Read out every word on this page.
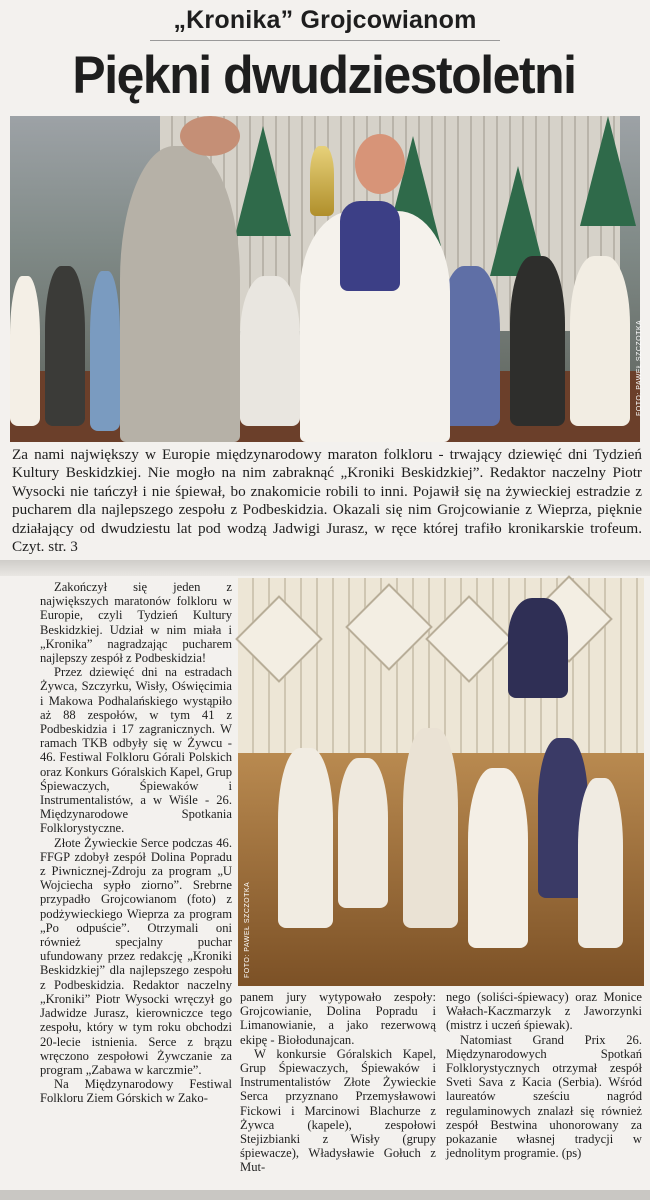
„Kronika” Grojcowianom
Piękni dwudziestoletni
FOTO: PAWEŁ SZCZOTKA
Za nami największy w Europie międzynarodowy maraton folkloru - trwający dziewięć dni Tydzień Kultury Beskidzkiej. Nie mogło na nim zabraknąć „Kroniki Beskidzkiej”. Redaktor naczelny Piotr Wysocki nie tańczył i nie śpiewał, bo znakomicie robili to inni. Pojawił się na żywieckiej estradzie z pucharem dla najlepszego zespołu z Podbeskidzia. Okazali się nim Grojcowianie z Wieprza, pięknie działający od dwudziestu lat pod wodzą Jadwigi Jurasz, w ręce której trafiło kronikarskie trofeum. Czyt. str. 3

Zakończył się jeden z największych maratonów folkloru w Europie, czyli Tydzień Kultury Beskidzkiej. Udział w nim miała i „Kronika” nagradzając pucharem najlepszy zespół z Podbeskidzia!

Przez dziewięć dni na estradach Żywca, Szczyrku, Wisły, Oświęcimia i Makowa Podhalańskiego wystąpiło aż 88 zespołów, w tym 41 z Podbeskidzia i 17 zagranicznych. W ramach TKB odbyły się w Żywcu - 46. Festiwal Folkloru Górali Polskich oraz Konkurs Góralskich Kapel, Grup Śpiewaczych, Śpiewaków i Instrumentalistów, a w Wiśle - 26. Międzynarodowe Spotkania Folklorystyczne.

Złote Żywieckie Serce podczas 46. FFGP zdobył zespół Dolina Popradu z Piwnicznej-Zdroju za program „U Wojciecha sypło ziorno”. Srebrne przypadło Grojcowianom (foto) z podżywieckiego Wieprza za program „Po odpuście”. Otrzymali oni również specjalny puchar ufundowany przez redakcję „Kroniki Beskidzkiej” dla najlepszego zespołu z Podbeskidzia. Redaktor naczelny „Kroniki” Piotr Wysocki wręczył go Jadwidze Jurasz, kierowniczce tego zespołu, który w tym roku obchodzi 20-lecie istnienia. Serce z brązu wręczono zespołowi Żywczanie za program „Zabawa w karczmie”.

Na Międzynarodowy Festiwal Folkloru Ziem Górskich w Zako-

FOTO: PAWEŁ SZCZOTKA

panem jury wytypowało zespoły: Grojcowianie, Dolina Popradu i Limanowianie, a jako rezerwową ekipę - Biołodunajcan.

W konkursie Góralskich Kapel, Grup Śpiewaczych, Śpiewaków i Instrumentalistów Złote Żywieckie Serca przyznano Przemysławowi Fickowi i Marcinowi Blachurze z Żywca (kapele), zespołowi Stejizbianki z Wisły (grupy śpiewacze), Władysławie Gołuch z Mut-

nego (soliści-śpiewacy) oraz Monice Wałach-Kaczmarzyk z Jaworzynki (mistrz i uczeń śpiewak).

Natomiast Grand Prix 26. Międzynarodowych Spotkań Folklorystycznych otrzymał zespół Sveti Sava z Kacia (Serbia). Wśród laureatów sześciu nagród regulaminowych znalazł się również zespół Bestwina uhonorowany za pokazanie własnej tradycji w jednolitym programie. (ps)
